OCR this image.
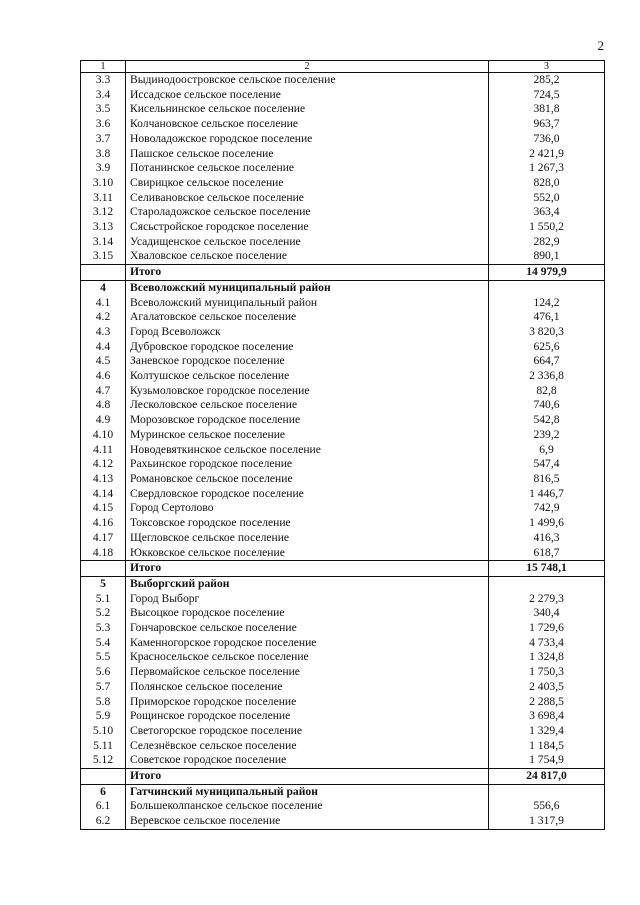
2
1	2	3
3.3	Выдинодоостровское сельское поселение	285,2
3.4	Иссадское сельское поселение	724,5
3.5	Кисельнинское сельское поселение	381,8
3.6	Колчановское сельское поселение	963,7
3.7	Новоладожское городское поселение	736,0
3.8	Пашское сельское поселение	2 421,9
3.9	Потанинское сельское поселение	1 267,3
3.10	Свирицкое сельское поселение	828,0
3.11	Селивановское сельское поселение	552,0
3.12	Староладожское сельское поселение	363,4
3.13	Сясьстройское городское поселение	1 550,2
3.14	Усадищенское сельское поселение	282,9
3.15	Хваловское сельское поселение	890,1
	Итого	14 979,9
4	Всеволожский муниципальный район	
4.1	Всеволожский муниципальный район	124,2
4.2	Агалатовское сельское поселение	476,1
4.3	Город Всеволожск	3 820,3
4.4	Дубровское городское поселение	625,6
4.5	Заневское городское поселение	664,7
4.6	Колтушское сельское поселение	2 336,8
4.7	Кузьмоловское городское поселение	82,8
4.8	Лесколовское сельское поселение	740,6
4.9	Морозовское городское поселение	542,8
4.10	Муринское сельское поселение	239,2
4.11	Новодевяткинское сельское поселение	6,9
4.12	Рахьинское городское поселение	547,4
4.13	Романовское сельское поселение	816,5
4.14	Свердловское городское поселение	1 446,7
4.15	Город Сертолово	742,9
4.16	Токсовское городское поселение	1 499,6
4.17	Щегловское сельское поселение	416,3
4.18	Юкковское сельское поселение	618,7
	Итого	15 748,1
5	Выборгский район	
5.1	Город Выборг	2 279,3
5.2	Высоцкое городское поселение	340,4
5.3	Гончаровское сельское поселение	1 729,6
5.4	Каменногорское городское поселение	4 733,4
5.5	Красносельское сельское поселение	1 324,8
5.6	Первомайское сельское поселение	1 750,3
5.7	Полянское сельское поселение	2 403,5
5.8	Приморское городское поселение	2 288,5
5.9	Рощинское городское поселение	3 698,4
5.10	Светогорское городское поселение	1 329,4
5.11	Селезнёвское сельское поселение	1 184,5
5.12	Советское городское поселение	1 754,9
	Итого	24 817,0
6	Гатчинский муниципальный район	
6.1	Большеколпанское сельское поселение	556,6
6.2	Веревское сельское поселение	1 317,9
